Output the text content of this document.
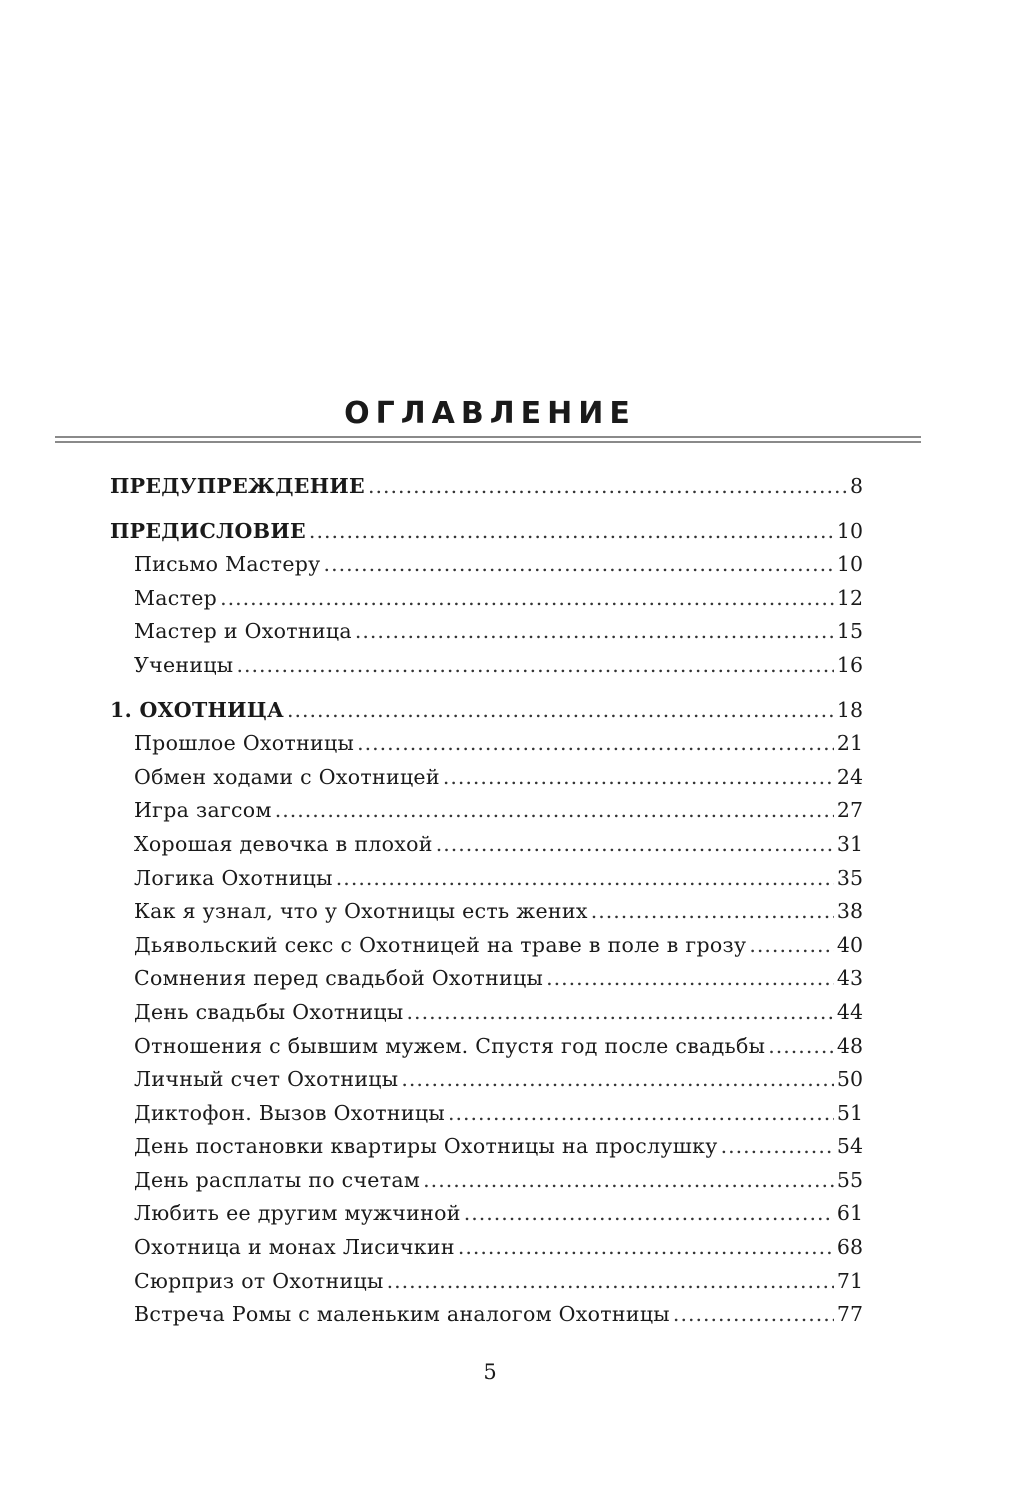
ОГЛАВЛЕНИЕ
ПРЕДУПРЕЖДЕНИЕ .....	8
ПРЕДИСЛОВИЕ .....	10
Письмо Мастеру .....	10
Мастер .....	12
Мастер и Охотница .....	15
Ученицы .....	16
1. ОХОТНИЦА .....	18
Прошлое Охотницы .....	21
Обмен ходами с Охотницей .....	24
Игра загсом .....	27
Хорошая девочка в плохой .....	31
Логика Охотницы .....	35
Как я узнал, что у Охотницы есть жених .....	38
Дьявольский секс с Охотницей на траве в поле в грозу .....	40
Сомнения перед свадьбой Охотницы .....	43
День свадьбы Охотницы .....	44
Отношения с бывшим мужем. Спустя год после свадьбы .....	48
Личный счет Охотницы .....	50
Диктофон. Вызов Охотницы .....	51
День постановки квартиры Охотницы на прослушку .....	54
День расплаты по счетам .....	55
Любить ее другим мужчиной .....	61
Охотница и монах Лисичкин .....	68
Сюрприз от Охотницы .....	71
Встреча Ромы с маленьким аналогом Охотницы .....	77
5
